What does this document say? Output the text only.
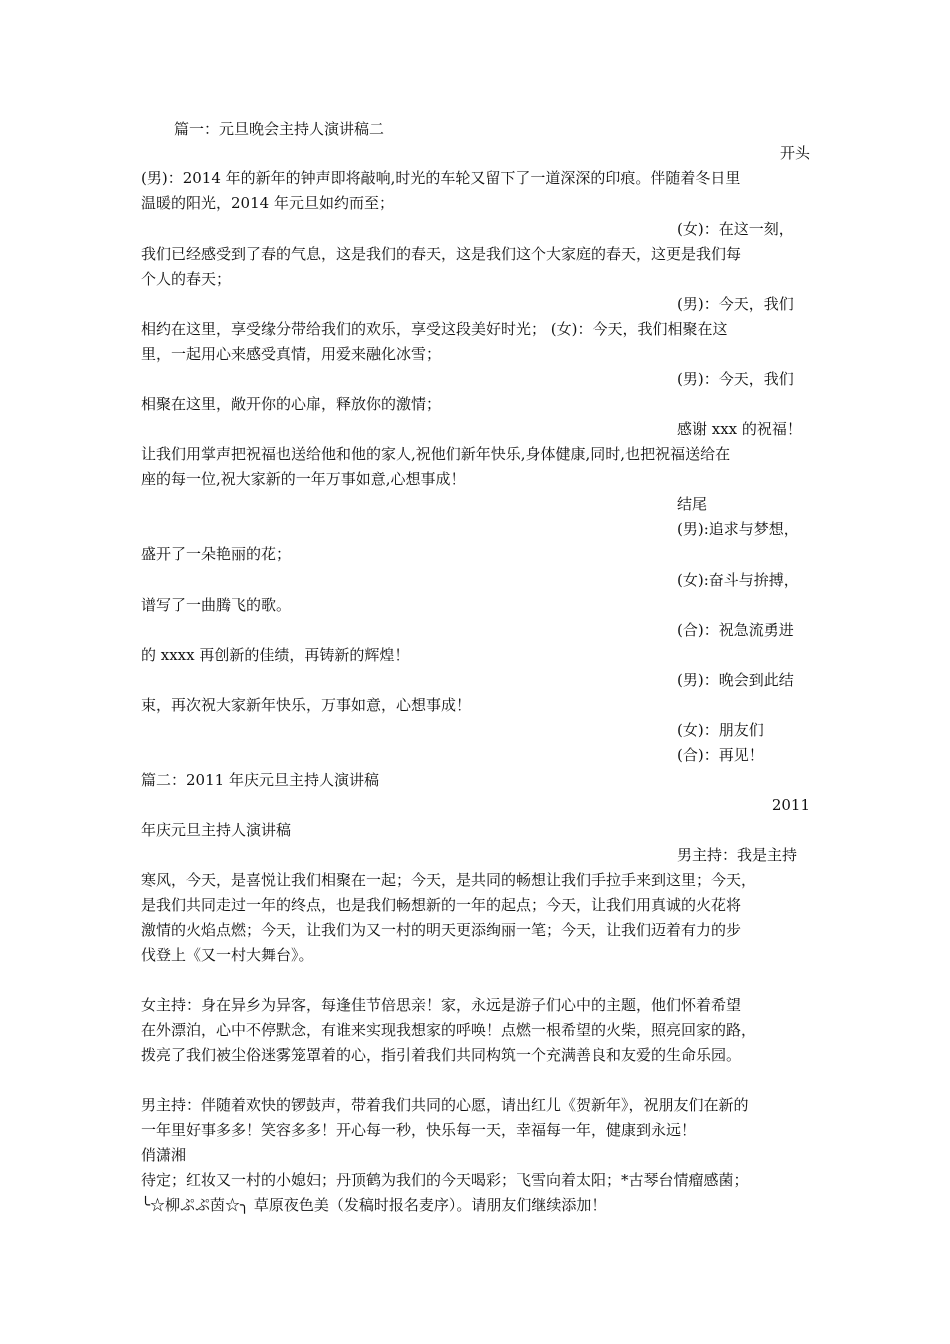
篇一：元旦晚会主持人演讲稿二
开头
(男)：2014 年的新年的钟声即将敲响,时光的车轮又留下了一道深深的印痕。伴随着冬日里
温暖的阳光，2014 年元旦如约而至；
(女)：在这一刻，
我们已经感受到了春的气息，这是我们的春天，这是我们这个大家庭的春天，这更是我们每
个人的春天；
(男)：今天，我们
相约在这里，享受缘分带给我们的欢乐，享受这段美好时光； (女)：今天，我们相聚在这
里，一起用心来感受真情，用爱来融化冰雪；
(男)：今天，我们
相聚在这里，敞开你的心扉，释放你的激情；
感谢 xxx 的祝福！
让我们用掌声把祝福也送给他和他的家人,祝他们新年快乐,身体健康,同时,也把祝福送给在
座的每一位,祝大家新的一年万事如意,心想事成！
结尾
(男):追求与梦想，
盛开了一朵艳丽的花；
(女):奋斗与拚搏，
谱写了一曲腾飞的歌。
(合)：祝急流勇进
的 xxxx 再创新的佳绩，再铸新的辉煌！
(男)：晚会到此结
束，再次祝大家新年快乐，万事如意，心想事成！
(女)：朋友们
(合)：再见！
篇二：2011 年庆元旦主持人演讲稿
2011
年庆元旦主持人演讲稿
男主持：我是主持
寒风，今天，是喜悦让我们相聚在一起；今天，是共同的畅想让我们手拉手来到这里；今天，
是我们共同走过一年的终点，也是我们畅想新的一年的起点；今天，让我们用真诚的火花将
激情的火焰点燃；今天，让我们为又一村的明天更添绚丽一笔；今天，让我们迈着有力的步
伐登上《又一村大舞台》。
女主持：身在异乡为异客，每逢佳节倍思亲！家，永远是游子们心中的主题，他们怀着希望
在外漂泊，心中不停默念，有谁来实现我想家的呼唤！点燃一根希望的火柴，照亮回家的路，
拨亮了我们被尘俗迷雾笼罩着的心，指引着我们共同构筑一个充满善良和友爱的生命乐园。
男主持：伴随着欢快的锣鼓声，带着我们共同的心愿，请出红儿《贺新年》，祝朋友们在新的
一年里好事多多！笑容多多！开心每一秒，快乐每一天，幸福每一年，健康到永远！
俏潇湘
待定；红妆又一村的小媳妇；丹顶鹤为我们的今天喝彩；飞雪向着太阳；*古琴台情瘤感菌；
╰☆柳ぷぷ茵☆╮ 草原夜色美（发稿时报名麦序）。请朋友们继续添加！
